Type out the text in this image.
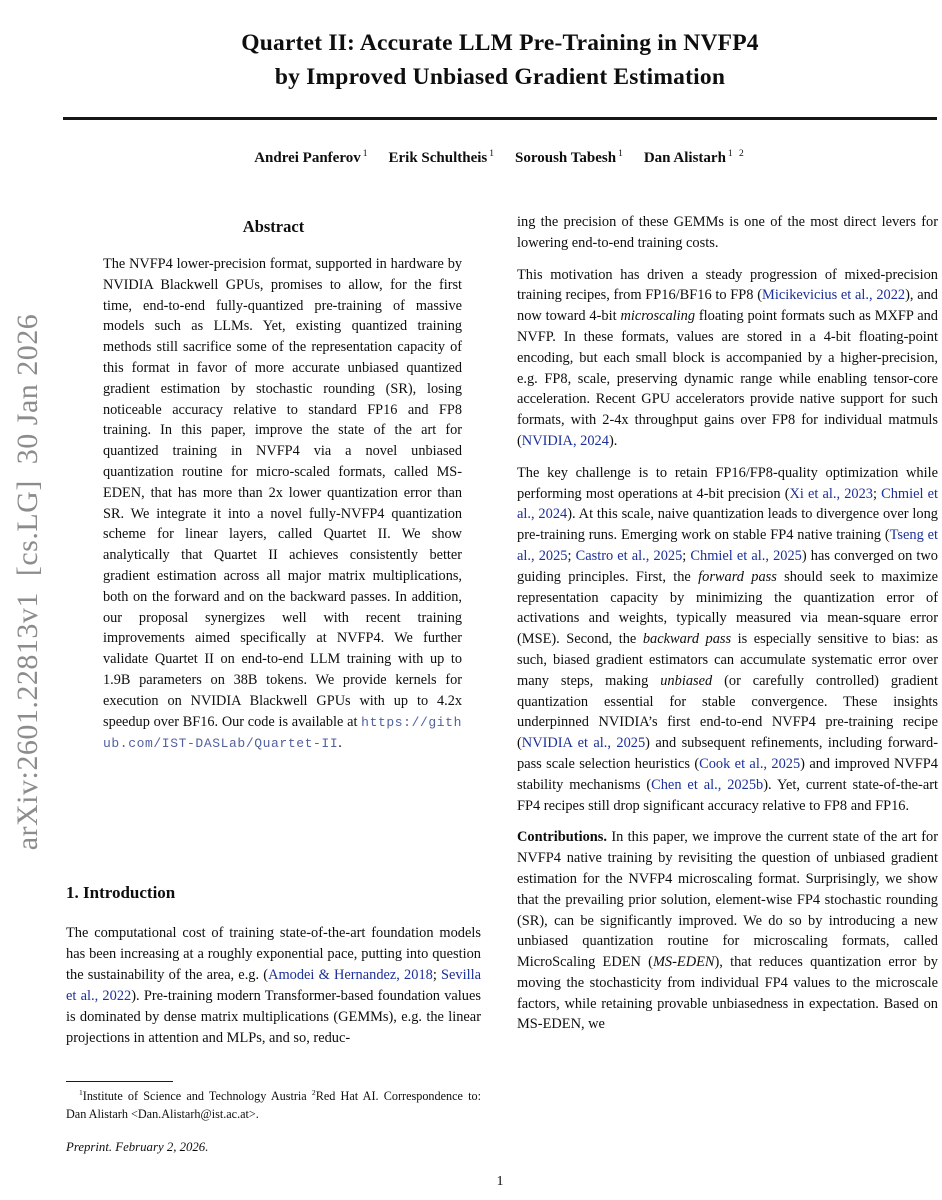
arXiv:2601.22813v1  [cs.LG]  30 Jan 2026
Quartet II: Accurate LLM Pre-Training in NVFP4
by Improved Unbiased Gradient Estimation
Andrei Panferov $^1$ Erik Schultheis $^1$ Soroush Tabesh $^1$ Dan Alistarh $^{1 2}$
Abstract
The NVFP4 lower-precision format, supported in hardware by NVIDIA Blackwell GPUs, promises to allow, for the first time, end-to-end fully-quantized pre-training of massive models such as LLMs. Yet, existing quantized training methods still sacrifice some of the representation capacity of this format in favor of more accurate unbiased quantized gradient estimation by stochastic rounding (SR), losing noticeable accuracy relative to standard FP16 and FP8 training. In this paper, improve the state of the art for quantized training in NVFP4 via a novel unbiased quantization routine for micro-scaled formats, called MS-EDEN, that has more than 2x lower quantization error than SR. We integrate it into a novel fully-NVFP4 quantization scheme for linear layers, called Quartet II. We show analytically that Quartet II achieves consistently better gradient estimation across all major matrix multiplications, both on the forward and on the backward passes. In addition, our proposal synergizes well with recent training improvements aimed specifically at NVFP4. We further validate Quartet II on end-to-end LLM training with up to 1.9B parameters on 38B tokens. We provide kernels for execution on NVIDIA Blackwell GPUs with up to 4.2x speedup over BF16. Our code is available at https://github.com/IST-DASLab/Quartet-II.
1. Introduction
The computational cost of training state-of-the-art foundation models has been increasing at a roughly exponential pace, putting into question the sustainability of the area, e.g. (Amodei & Hernandez, 2018; Sevilla et al., 2022). Pre-training modern Transformer-based foundation values is dominated by dense matrix multiplications (GEMMs), e.g. the linear projections in attention and MLPs, and so, reduc-
$^1$Institute of Science and Technology Austria $^2$Red Hat AI. Correspondence to: Dan Alistarh <Dan.Alistarh@ist.ac.at>.
Preprint. February 2, 2026.

ing the precision of these GEMMs is one of the most direct levers for lowering end-to-end training costs.

This motivation has driven a steady progression of mixed-precision training recipes, from FP16/BF16 to FP8 (Micikevicius et al., 2022), and now toward 4-bit microscaling floating point formats such as MXFP and NVFP. In these formats, values are stored in a 4-bit floating-point encoding, but each small block is accompanied by a higher-precision, e.g. FP8, scale, preserving dynamic range while enabling tensor-core acceleration. Recent GPU accelerators provide native support for such formats, with 2-4x throughput gains over FP8 for individual matmuls (NVIDIA, 2024).

The key challenge is to retain FP16/FP8-quality optimization while performing most operations at 4-bit precision (Xi et al., 2023; Chmiel et al., 2024). At this scale, naive quantization leads to divergence over long pre-training runs. Emerging work on stable FP4 native training (Tseng et al., 2025; Castro et al., 2025; Chmiel et al., 2025) has converged on two guiding principles. First, the forward pass should seek to maximize representation capacity by minimizing the quantization error of activations and weights, typically measured via mean-square error (MSE). Second, the backward pass is especially sensitive to bias: as such, biased gradient estimators can accumulate systematic error over many steps, making unbiased (or carefully controlled) gradient quantization essential for stable convergence. These insights underpinned NVIDIA’s first end-to-end NVFP4 pre-training recipe (NVIDIA et al., 2025) and subsequent refinements, including forward-pass scale selection heuristics (Cook et al., 2025) and improved NVFP4 stability mechanisms (Chen et al., 2025b). Yet, current state-of-the-art FP4 recipes still drop significant accuracy relative to FP8 and FP16.

Contributions. In this paper, we improve the current state of the art for NVFP4 native training by revisiting the question of unbiased gradient estimation for the NVFP4 microscaling format. Surprisingly, we show that the prevailing prior solution, element-wise FP4 stochastic rounding (SR), can be significantly improved. We do so by introducing a new unbiased quantization routine for microscaling formats, called MicroScaling EDEN (MS-EDEN), that reduces quantization error by moving the stochasticity from individual FP4 values to the microscale factors, while retaining provable unbiasedness in expectation. Based on MS-EDEN, we

1
